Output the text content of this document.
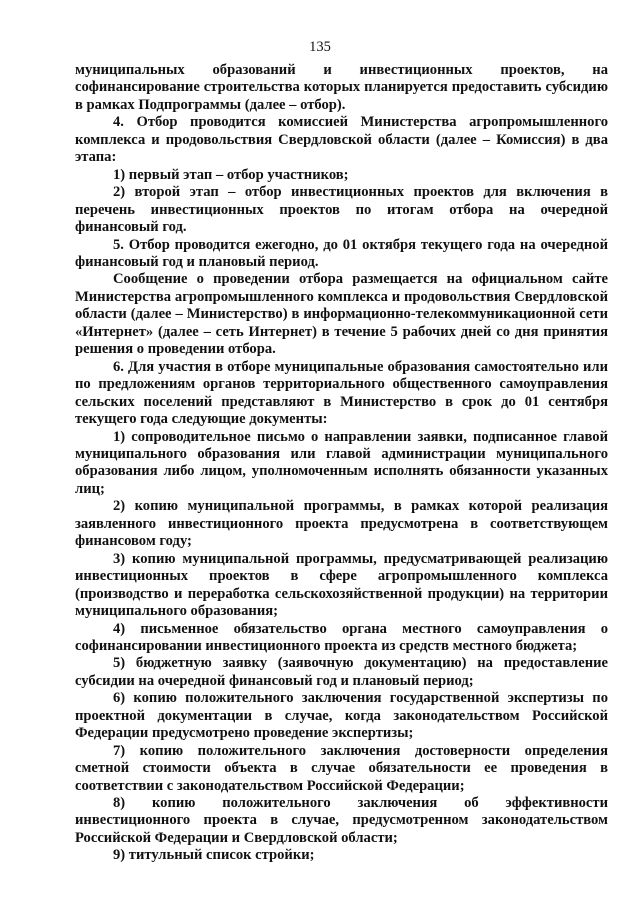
135

муниципальных образований и инвестиционных проектов, на софинансирование строительства которых планируется предоставить субсидию в рамках Подпрограммы (далее – отбор).

4. Отбор проводится комиссией Министерства агропромышленного комплекса и продовольствия Свердловской области (далее – Комиссия) в два этапа:

1) первый этап – отбор участников;

2) второй этап – отбор инвестиционных проектов для включения в перечень инвестиционных проектов по итогам отбора на очередной финансовый год.

5. Отбор проводится ежегодно, до 01 октября текущего года на очередной финансовый год и плановый период.

Сообщение о проведении отбора размещается на официальном сайте Министерства агропромышленного комплекса и продовольствия Свердловской области (далее – Министерство) в информационно-телекоммуникационной сети «Интернет» (далее – сеть Интернет) в течение 5 рабочих дней со дня принятия решения о проведении отбора.

6. Для участия в отборе муниципальные образования самостоятельно или по предложениям органов территориального общественного самоуправления сельских поселений представляют в Министерство в срок до 01 сентября текущего года следующие документы:

1) сопроводительное письмо о направлении заявки, подписанное главой муниципального образования или главой администрации муниципального образования либо лицом, уполномоченным исполнять обязанности указанных лиц;

2) копию муниципальной программы, в рамках которой реализация заявленного инвестиционного проекта предусмотрена в соответствующем финансовом году;

3) копию муниципальной программы, предусматривающей реализацию инвестиционных проектов в сфере агропромышленного комплекса (производство и переработка сельскохозяйственной продукции) на территории муниципального образования;

4) письменное обязательство органа местного самоуправления о софинансировании инвестиционного проекта из средств местного бюджета;

5) бюджетную заявку (заявочную документацию) на предоставление субсидии на очередной финансовый год и плановый период;

6) копию положительного заключения государственной экспертизы по проектной документации в случае, когда законодательством Российской Федерации предусмотрено проведение экспертизы;

7) копию положительного заключения достоверности определения сметной стоимости объекта в случае обязательности ее проведения в соответствии с законодательством Российской Федерации;

8) копию положительного заключения об эффективности инвестиционного проекта в случае, предусмотренном законодательством Российской Федерации и Свердловской области;

9) титульный список стройки;
